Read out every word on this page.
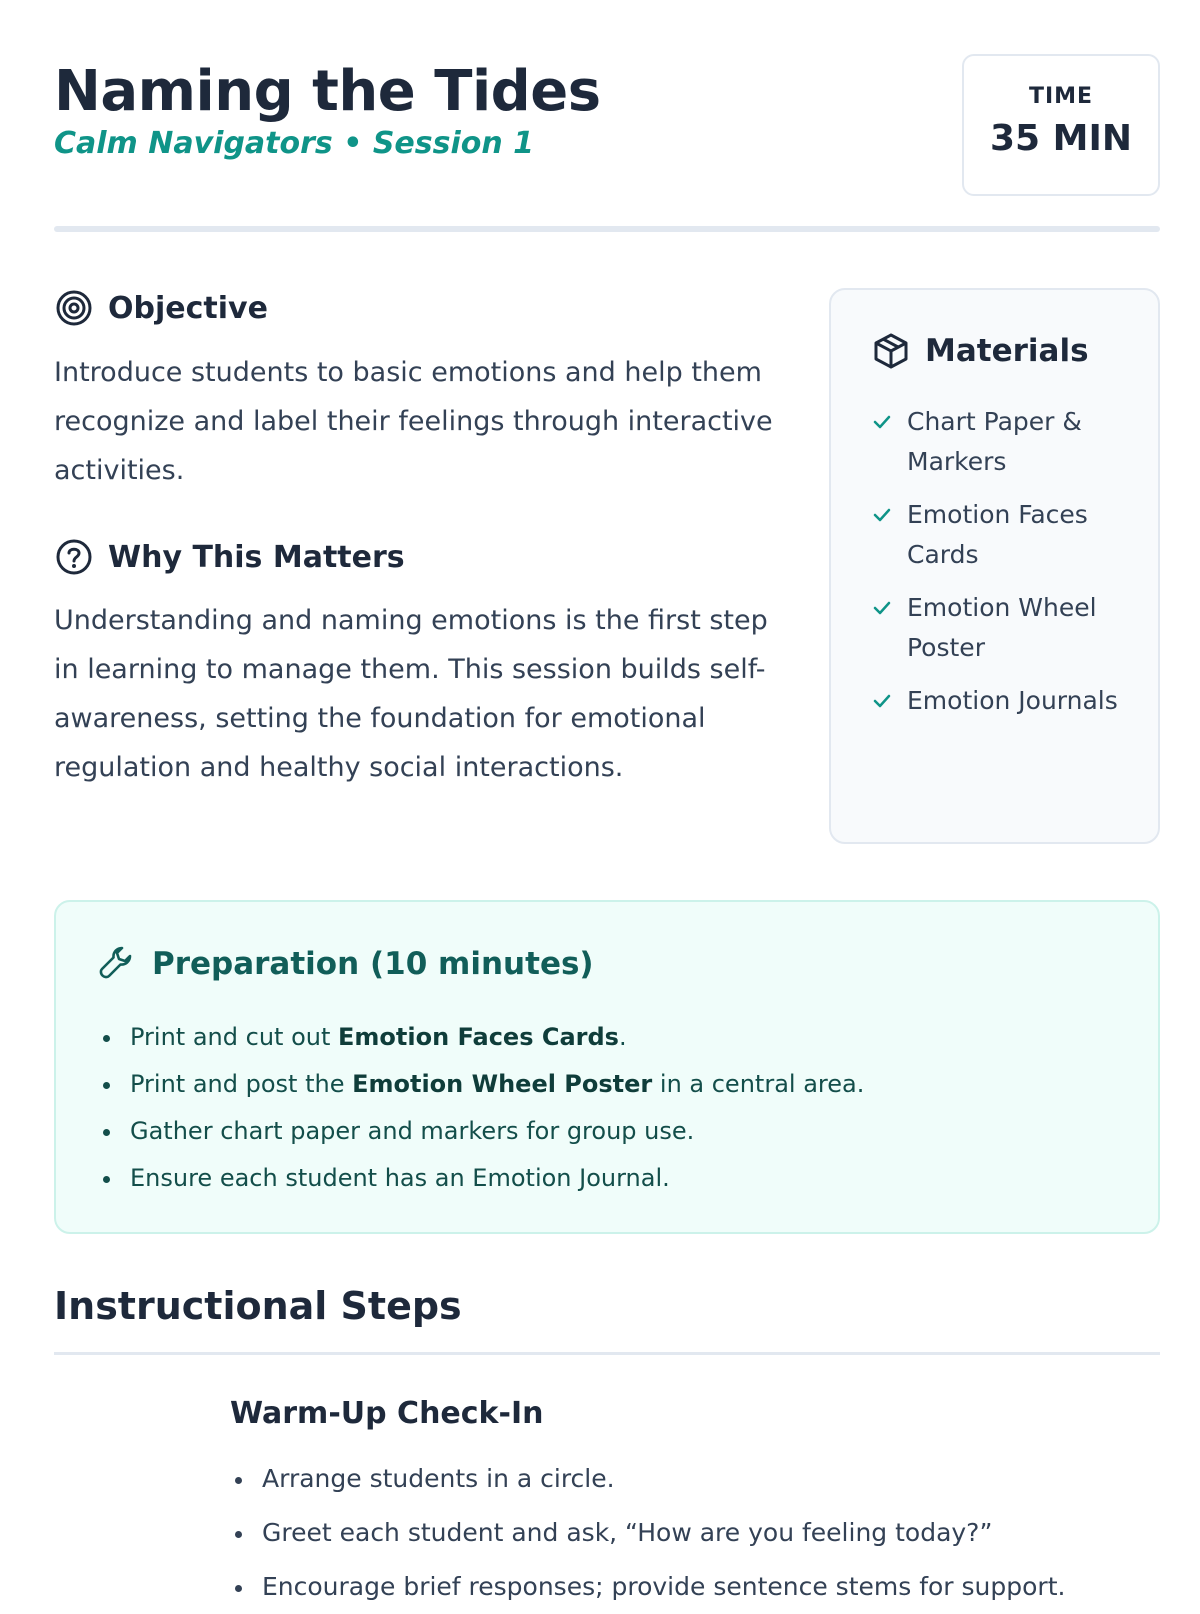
Naming the Tides
Calm Navigators • Session 1
TIME
35 MIN
Objective

Introduce students to basic emotions and help them recognize and label their feelings through interactive activities.

Why This Matters

Understanding and naming emotions is the first step in learning to manage them. This session builds self-awareness, setting the foundation for emotional regulation and healthy social interactions.

Materials
Chart Paper & Markers
Emotion Faces Cards
Emotion Wheel Poster
Emotion Journals
Preparation (10 minutes)
Print and cut out Emotion Faces Cards.
Print and post the Emotion Wheel Poster in a central area.
Gather chart paper and markers for group use.
Ensure each student has an Emotion Journal.
Instructional Steps
Warm-Up Check-In
Arrange students in a circle.
Greet each student and ask, “How are you feeling today?”
Encourage brief responses; provide sentence stems for support.
